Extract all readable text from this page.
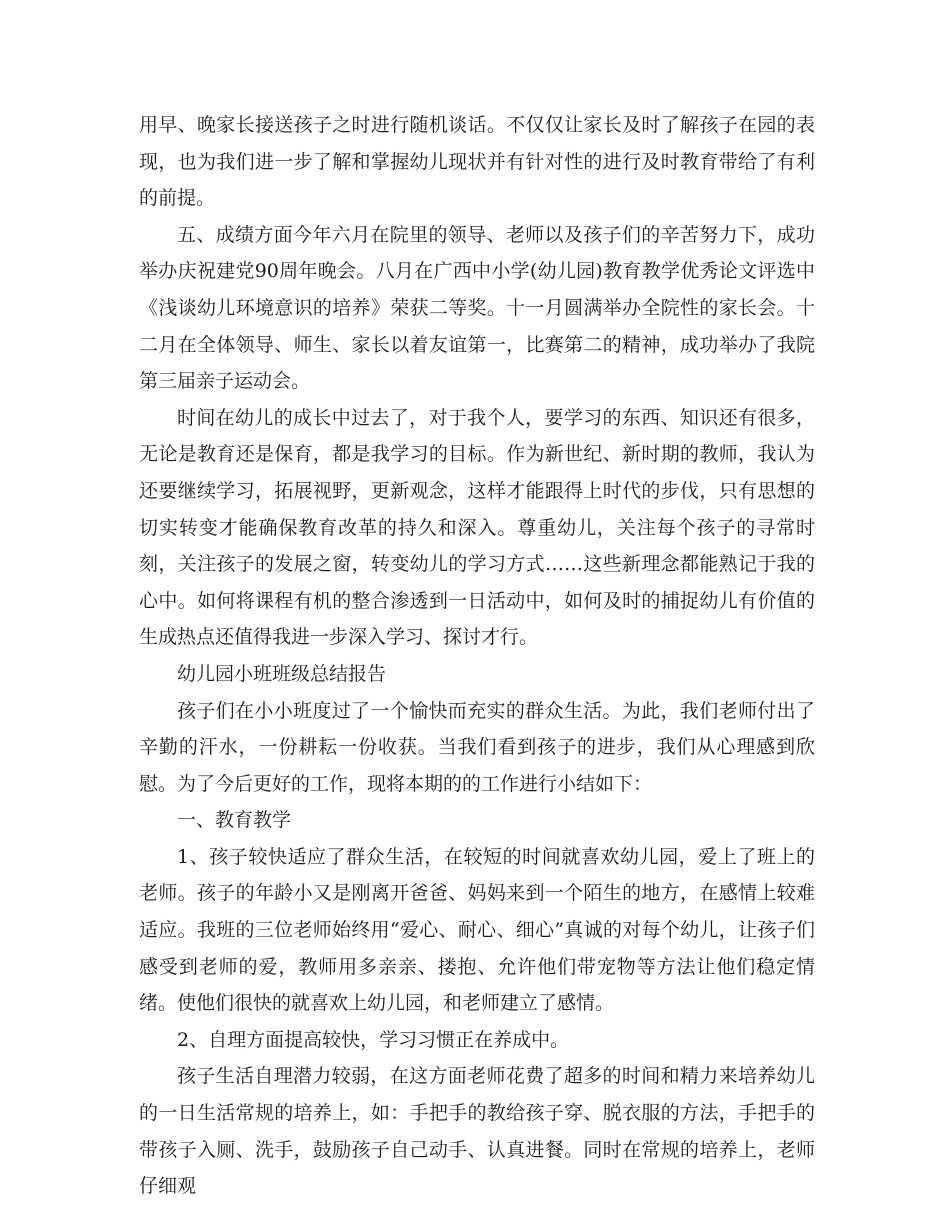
用早、晚家长接送孩子之时进行随机谈话。不仅仅让家长及时了解孩子在园的表现，也为我们进一步了解和掌握幼儿现状并有针对性的进行及时教育带给了有利的前提。

五、成绩方面今年六月在院里的领导、老师以及孩子们的辛苦努力下，成功举办庆祝建党90周年晚会。八月在广西中小学(幼儿园)教育教学优秀论文评选中《浅谈幼儿环境意识的培养》荣获二等奖。十一月圆满举办全院性的家长会。十二月在全体领导、师生、家长以着友谊第一，比赛第二的精神，成功举办了我院第三届亲子运动会。

时间在幼儿的成长中过去了，对于我个人，要学习的东西、知识还有很多，无论是教育还是保育，都是我学习的目标。作为新世纪、新时期的教师，我认为还要继续学习，拓展视野，更新观念，这样才能跟得上时代的步伐，只有思想的切实转变才能确保教育改革的持久和深入。尊重幼儿，关注每个孩子的寻常时刻，关注孩子的发展之窗，转变幼儿的学习方式……这些新理念都能熟记于我的心中。如何将课程有机的整合渗透到一日活动中，如何及时的捕捉幼儿有价值的生成热点还值得我进一步深入学习、探讨才行。

幼儿园小班班级总结报告

孩子们在小小班度过了一个愉快而充实的群众生活。为此，我们老师付出了辛勤的汗水，一份耕耘一份收获。当我们看到孩子的进步，我们从心理感到欣慰。为了今后更好的工作，现将本期的的工作进行小结如下：

一、教育教学

1、孩子较快适应了群众生活，在较短的时间就喜欢幼儿园，爱上了班上的老师。孩子的年龄小又是刚离开爸爸、妈妈来到一个陌生的地方，在感情上较难适应。我班的三位老师始终用“爱心、耐心、细心”真诚的对每个幼儿，让孩子们感受到老师的爱，教师用多亲亲、搂抱、允许他们带宠物等方法让他们稳定情绪。使他们很快的就喜欢上幼儿园，和老师建立了感情。

2、自理方面提高较快，学习习惯正在养成中。

孩子生活自理潜力较弱，在这方面老师花费了超多的时间和精力来培养幼儿的一日生活常规的培养上，如：手把手的教给孩子穿、脱衣服的方法，手把手的带孩子入厕、洗手，鼓励孩子自己动手、认真进餐。同时在常规的培养上，老师仔细观
